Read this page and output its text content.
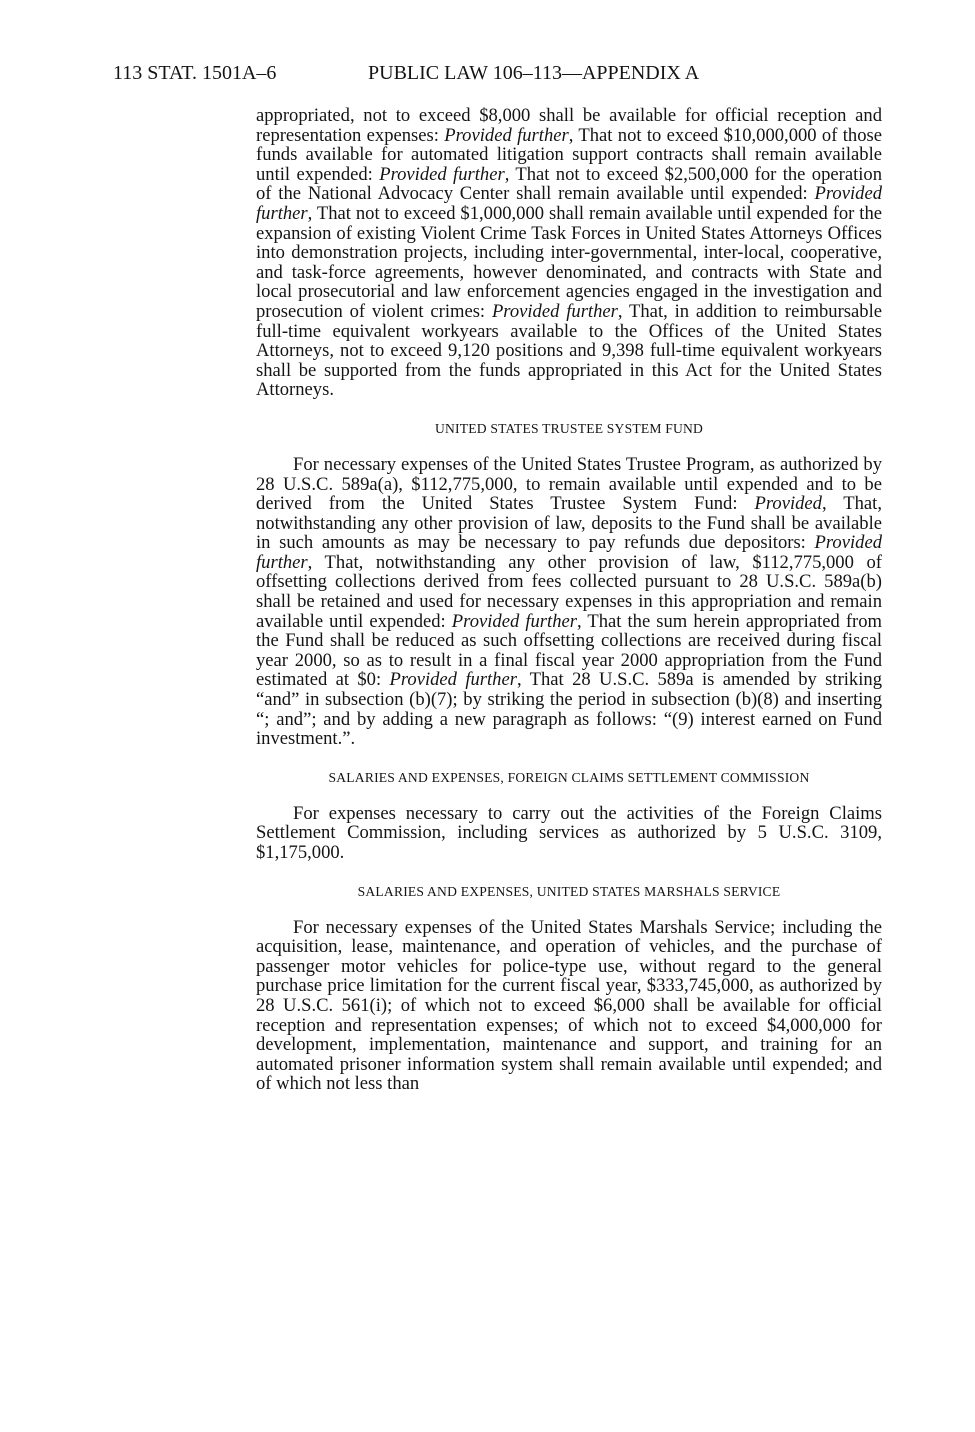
113 STAT. 1501A–6	PUBLIC LAW 106–113—APPENDIX A

appropriated, not to exceed $8,000 shall be available for official reception and representation expenses: Provided further, That not to exceed $10,000,000 of those funds available for automated litigation support contracts shall remain available until expended: Provided further, That not to exceed $2,500,000 for the operation of the National Advocacy Center shall remain available until expended: Provided further, That not to exceed $1,000,000 shall remain available until expended for the expansion of existing Violent Crime Task Forces in United States Attorneys Offices into demonstration projects, including inter-governmental, inter-local, cooperative, and task-force agreements, however denominated, and contracts with State and local prosecutorial and law enforcement agencies engaged in the investigation and prosecution of violent crimes: Provided further, That, in addition to reimbursable full-time equivalent workyears available to the Offices of the United States Attorneys, not to exceed 9,120 positions and 9,398 full-time equivalent workyears shall be supported from the funds appropriated in this Act for the United States Attorneys.

UNITED STATES TRUSTEE SYSTEM FUND

For necessary expenses of the United States Trustee Program, as authorized by 28 U.S.C. 589a(a), $112,775,000, to remain available until expended and to be derived from the United States Trustee System Fund: Provided, That, notwithstanding any other provision of law, deposits to the Fund shall be available in such amounts as may be necessary to pay refunds due depositors: Provided further, That, notwithstanding any other provision of law, $112,775,000 of offsetting collections derived from fees collected pursuant to 28 U.S.C. 589a(b) shall be retained and used for necessary expenses in this appropriation and remain available until expended: Provided further, That the sum herein appropriated from the Fund shall be reduced as such offsetting collections are received during fiscal year 2000, so as to result in a final fiscal year 2000 appropriation from the Fund estimated at $0: Provided further, That 28 U.S.C. 589a is amended by striking “and” in subsection (b)(7); by striking the period in subsection (b)(8) and inserting “; and”; and by adding a new paragraph as follows: “(9) interest earned on Fund investment.”.

SALARIES AND EXPENSES, FOREIGN CLAIMS SETTLEMENT COMMISSION

For expenses necessary to carry out the activities of the Foreign Claims Settlement Commission, including services as authorized by 5 U.S.C. 3109, $1,175,000.

SALARIES AND EXPENSES, UNITED STATES MARSHALS SERVICE

For necessary expenses of the United States Marshals Service; including the acquisition, lease, maintenance, and operation of vehicles, and the purchase of passenger motor vehicles for police-type use, without regard to the general purchase price limitation for the current fiscal year, $333,745,000, as authorized by 28 U.S.C. 561(i); of which not to exceed $6,000 shall be available for official reception and representation expenses; of which not to exceed $4,000,000 for development, implementation, maintenance and support, and training for an automated prisoner information system shall remain available until expended; and of which not less than
